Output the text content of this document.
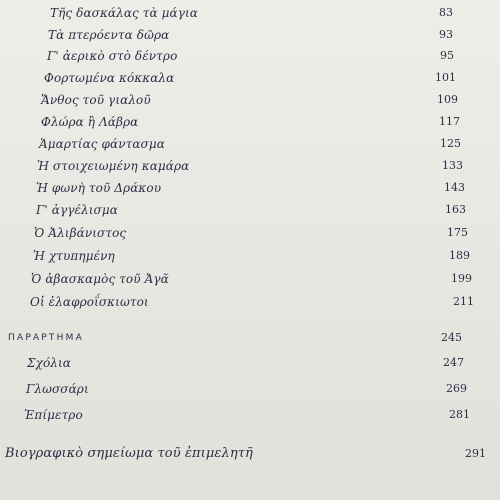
Τῆς δασκάλας τὰ μάγια	83
Τὰ πτερόεντα δῶρα	93
Γ' ἀερικὸ στὸ δέντρο	95
Φορτωμένα κόκκαλα	101
Ἄνθος τοῦ γιαλοῦ	109
Φλώρα ἢ Λάβρα	117
Ἁμαρτίας φάντασμα	125
Ἡ στοιχειωμένη καμάρα	133
Ἡ φωνὴ τοῦ Δράκου	143
Γ' ἀγγέλισμα	163
Ὁ Ἀλιβάνιστος	175
Ἡ χτυπημένη	189
Ὁ ἀβασκαμὸς τοῦ Ἀγᾶ	199
Οἱ ἐλαφροΐσκιωτοι	211
ΠΑΡΑΡΤΗΜΑ	245
Σχόλια	247
Γλωσσάρι	269
Ἐπίμετρο	281
Βιογραφικὸ σημείωμα τοῦ ἐπιμελητῆ	291
